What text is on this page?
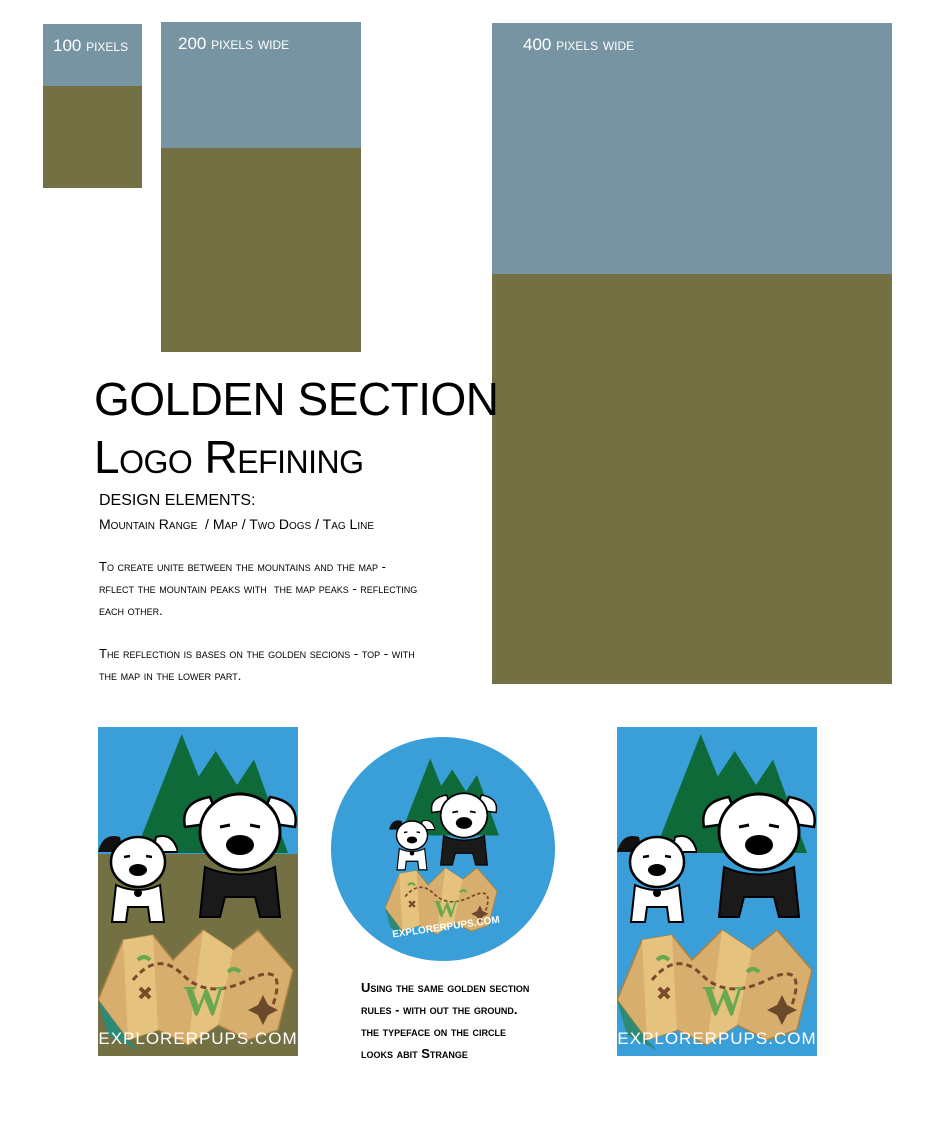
100 pixels	200 pixels wide	400 pixels wide
GOLDEN SECTION
Logo Refining
DESIGN ELEMENTS:
Mountain Range  / Map / Two Dogs / Tag Line
To create unite between the mountains and the map -
rflect the mountain peaks with  the map peaks - reflecting
each other.
The reflection is bases on the golden secions - top - with
the map in the lower part.
EXPLORERPUPS.COM
EXPLORERPUPS.COM
Using the same golden section
rules - with out the ground.
the typeface on the circle
looks abit Strange
EXPLORERPUPS.COM
